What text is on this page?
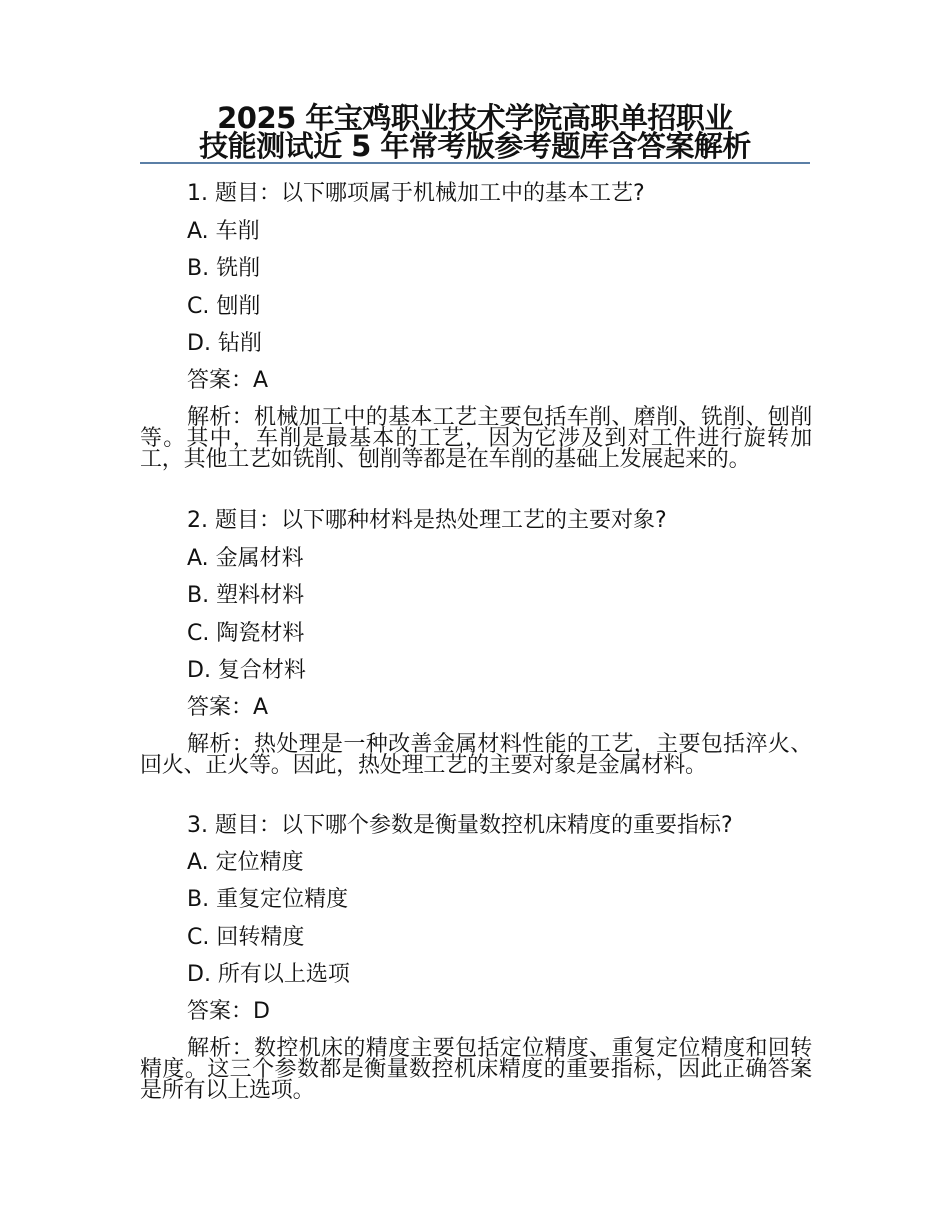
2025 年宝鸡职业技术学院高职单招职业
技能测试近 5 年常考版参考题库含答案解析
1. 题目：以下哪项属于机械加工中的基本工艺?
A. 车削
B. 铣削
C. 刨削
D. 钻削
答案：A
解析：机械加工中的基本工艺主要包括车削、磨削、铣削、刨削等。其中，车削是最基本的工艺，因为它涉及到对工件进行旋转加工，其他工艺如铣削、刨削等都是在车削的基础上发展起来的。
2. 题目：以下哪种材料是热处理工艺的主要对象?
A. 金属材料
B. 塑料材料
C. 陶瓷材料
D. 复合材料
答案：A
解析：热处理是一种改善金属材料性能的工艺，主要包括淬火、回火、正火等。因此，热处理工艺的主要对象是金属材料。
3. 题目：以下哪个参数是衡量数控机床精度的重要指标?
A. 定位精度
B. 重复定位精度
C. 回转精度
D. 所有以上选项
答案：D
解析：数控机床的精度主要包括定位精度、重复定位精度和回转精度。这三个参数都是衡量数控机床精度的重要指标，因此正确答案是所有以上选项。
